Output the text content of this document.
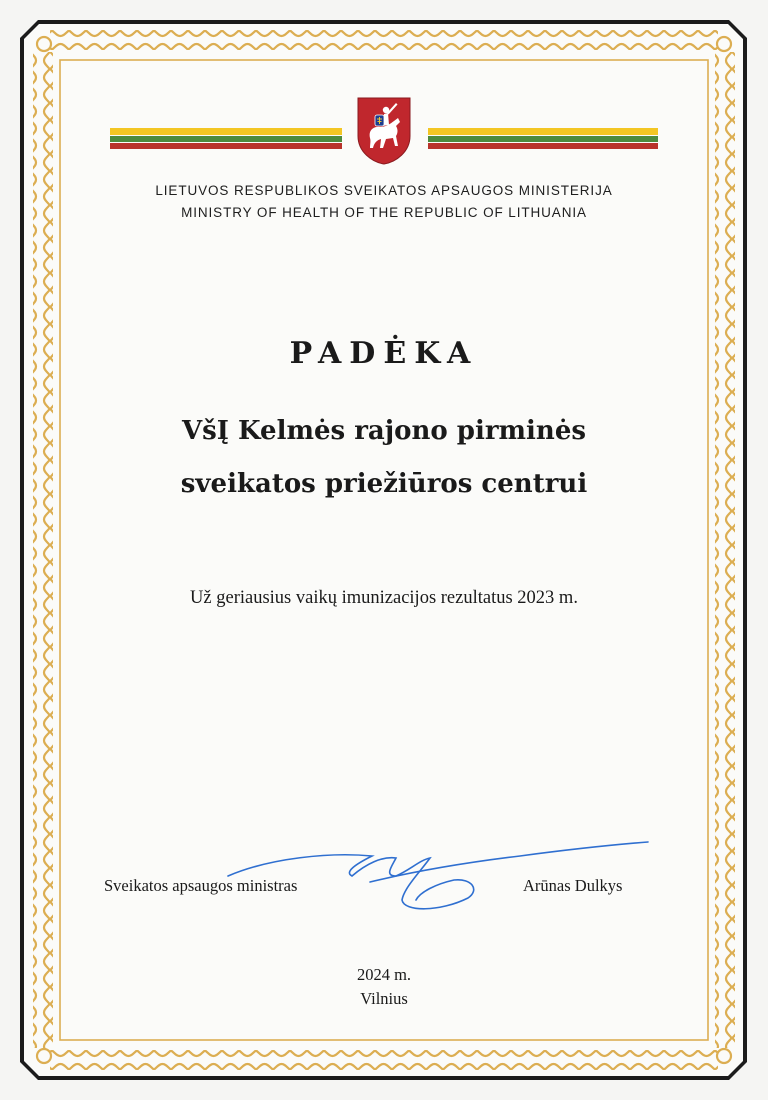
LIETUVOS RESPUBLIKOS SVEIKATOS APSAUGOS MINISTERIJA
MINISTRY OF HEALTH OF THE REPUBLIC OF LITHUANIA
PADĖKA
VšĮ Kelmės rajono pirminės
sveikatos priežiūros centrui
Už geriausius vaikų imunizacijos rezultatus 2023 m.
Sveikatos apsaugos ministras	Arūnas Dulkys
2024 m.
Vilnius
